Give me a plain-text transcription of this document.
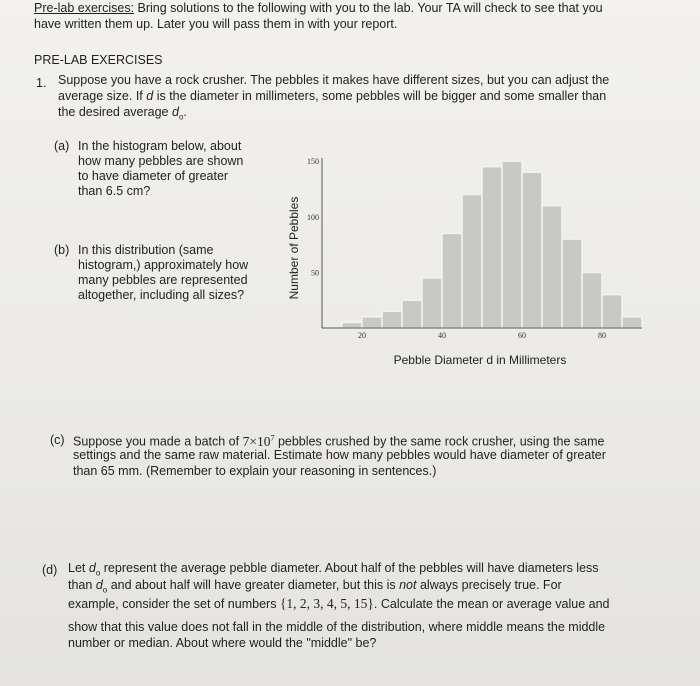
Pre-lab exercises: Bring solutions to the following with you to the lab. Your TA will check to see that you
have written them up. Later you will pass them in with your report.
PRE-LAB EXERCISES
1. Suppose you have a rock crusher. The pebbles it makes have different sizes, but you can adjust the
average size. If d is the diameter in millimeters, some pebbles will be bigger and some smaller than
the desired average $d_o$.
(a) In the histogram below, about
how many pebbles are shown
to have diameter of greater
than 6.5 cm?
(b) In this distribution (same
histogram,) approximately how
many pebbles are represented
altogether, including all sizes?	Number of Pebbles
Pebble Diameter d in Millimeters
20	40	60	80
50
100
150
(c) Suppose you made a batch of $7\times 10^7$ pebbles crushed by the same rock crusher, using the same
settings and the same raw material. Estimate how many pebbles would have diameter of greater
than 65 mm. (Remember to explain your reasoning in sentences.)
(d) Let $d_o$ represent the average pebble diameter. About half of the pebbles will have diameters less
than $d_o$ and about half will have greater diameter, but this is not always precisely true. For
example, consider the set of numbers {1, 2, 3, 4, 5, 15}. Calculate the mean or average value and
show that this value does not fall in the middle of the distribution, where middle means the middle
number or median. About where would the "middle" be?
